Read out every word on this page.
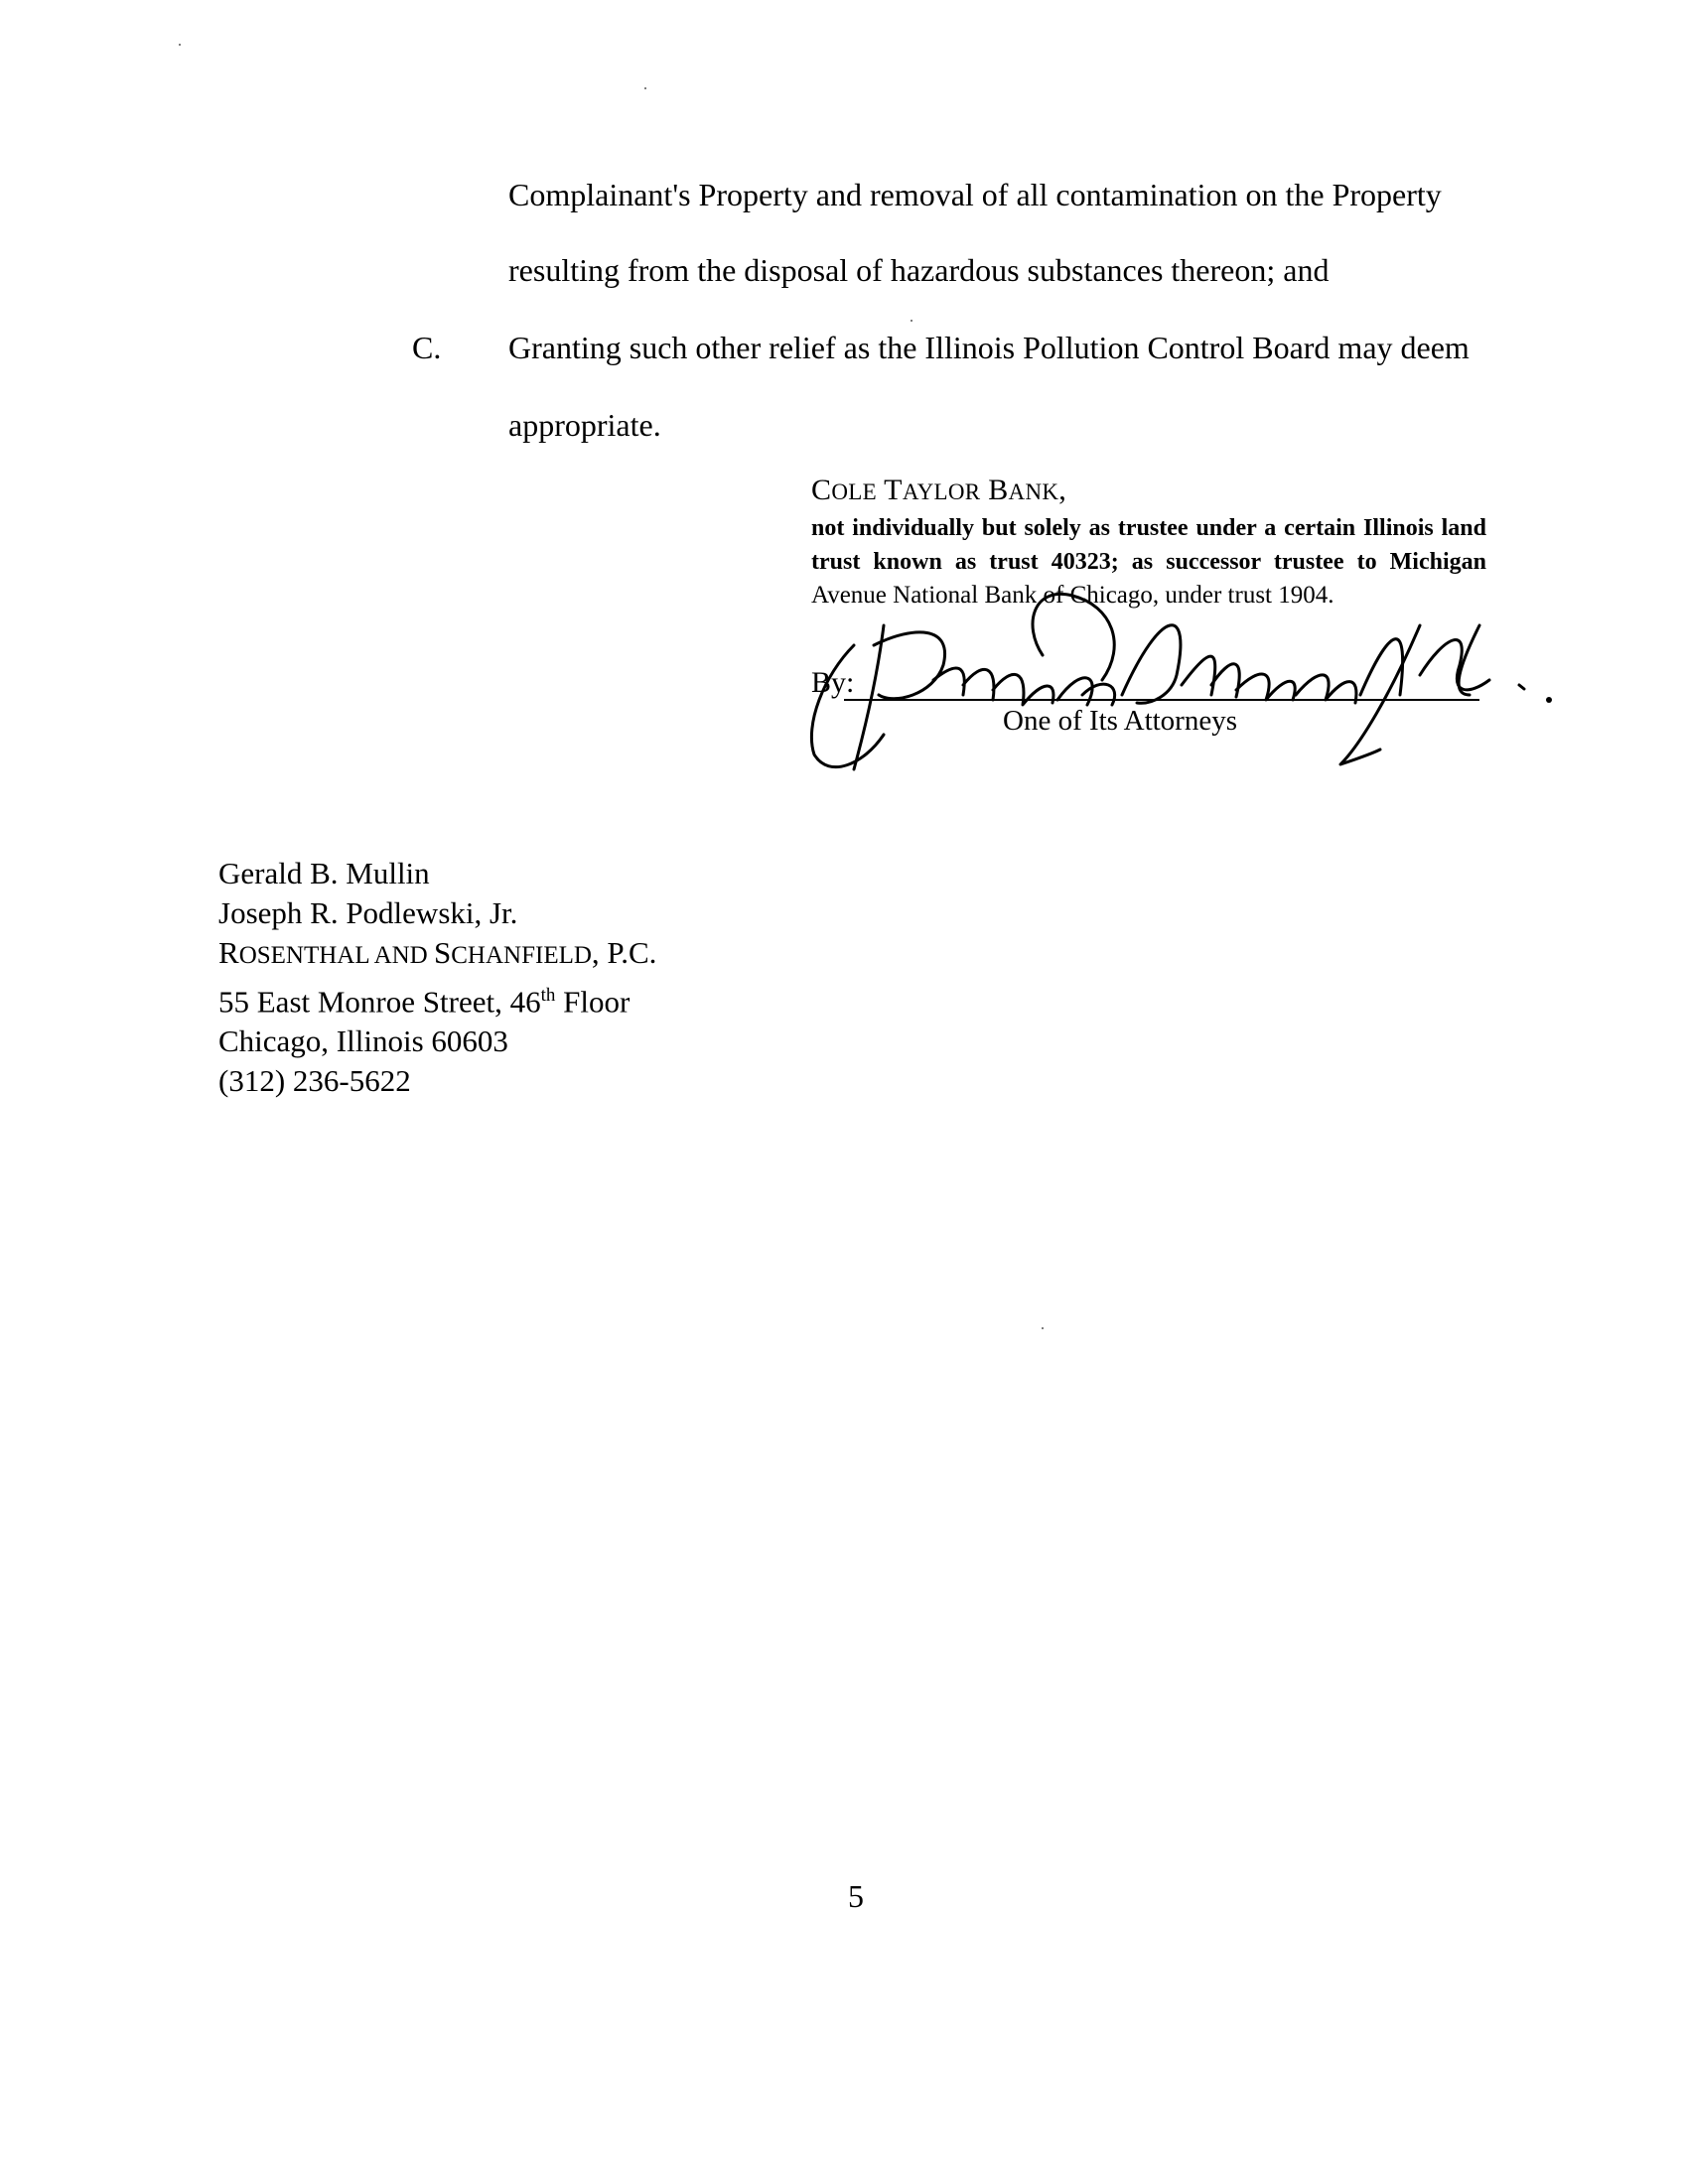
Complainant's Property and removal of all contamination on the Property
resulting from the disposal of hazardous substances thereon; and
C. Granting such other relief as the Illinois Pollution Control Board may deem
appropriate.
COLE TAYLOR BANK,
not individually but solely as trustee under a certain Illinois land
trust known as trust 40323; as successor trustee to Michigan
Avenue National Bank of Chicago, under trust 1904.
By:
One of Its Attorneys
Gerald B. Mullin
Joseph R. Podlewski, Jr.
ROSENTHAL AND SCHANFIELD, P.C.
55 East Monroe Street, 46th Floor
Chicago, Illinois 60603
(312) 236-5622
5
